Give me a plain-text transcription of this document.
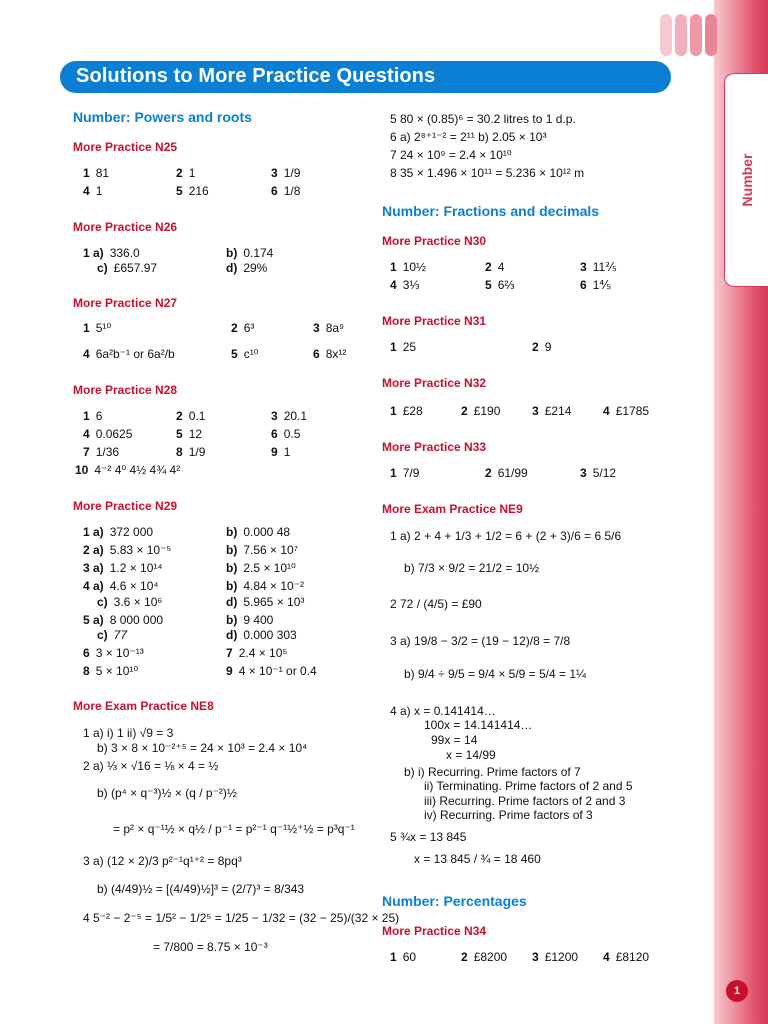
Number
1
Solutions to More Practice Questions
Number: Powers and roots
More Practice N25
1 81	2 1	3 1/9
4 1	5 216	6 1/8
More Practice N26
1 a) 336.0	b) 0.174
c) £657.97	d) 29%
More Practice N27
1 5¹⁰	2 6³	3 8a⁹
4 6a²b⁻¹ or 6a²/b	5 c¹⁰	6 8x¹²
More Practice N28
1 6	2 0.1	3 20.1
4 0.0625	5 12	6 0.5
7 1/36	8 1/9	9 1
10 4⁻² 4⁰ 4½ 4¾ 4²
More Practice N29
1 a) 372 000	b) 0.000 48
2 a) 5.83 × 10⁻⁵	b) 7.56 × 10⁷
3 a) 1.2 × 10¹⁴	b) 2.5 × 10¹⁰
4 a) 4.6 × 10⁴	b) 4.84 × 10⁻²
c) 3.6 × 10⁶	d) 5.965 × 10³
5 a) 8 000 000	b) 9 400
c) 77	d) 0.000 303
6 3 × 10⁻¹³	7 2.4 × 10⁵
8 5 × 10¹⁰	9 4 × 10⁻¹ or 0.4
More Exam Practice NE8
1 a) i) 1 ii) √9 = 3
b) 3 × 8 × 10⁻²⁺⁵ = 24 × 10³ = 2.4 × 10⁴
2 a) ⅓ × √16 = ⅛ × 4 = ½
b) (p⁴ × q⁻³)½ × (q / p⁻²)½
= p² × q⁻¹½ × q½ / p⁻¹ = p²⁻¹ q⁻¹½⁺½ = p³q⁻¹
3 a) (12 × 2)/3 p²⁻¹q¹⁺² = 8pq³
b) (4/49)½ = [(4/49)½]³ = (2/7)³ = 8/343
4 5⁻² − 2⁻⁵ = 1/5² − 1/2⁵ = 1/25 − 1/32 = (32 − 25)/(32 × 25)
= 7/800 = 8.75 × 10⁻³
5 80 × (0.85)⁶ = 30.2 litres to 1 d.p.
6 a) 2⁸⁺¹⁻² = 2¹¹ b) 2.05 × 10³
7 24 × 10⁹ = 2.4 × 10¹⁰
8 35 × 1.496 × 10¹¹ = 5.236 × 10¹² m
Number: Fractions and decimals
More Practice N30
1 10½	2 4	3 11⅖
4 3⅓	5 6⅔	6 1⅘
More Practice N31
1 25	2 9
More Practice N32
1 £28	2 £190	3 £214	4 £1785
More Practice N33
1 7/9	2 61/99	3 5/12
More Exam Practice NE9
1 a) 2 + 4 + 1/3 + 1/2 = 6 + (2 + 3)/6 = 6 5/6
b) 7/3 × 9/2 = 21/2 = 10½
2 72 / (4/5) = £90
3 a) 19/8 − 3/2 = (19 − 12)/8 = 7/8
b) 9/4 ÷ 9/5 = 9/4 × 5/9 = 5/4 = 1¼
4 a) x = 0.141414…
100x = 14.141414…
99x = 14
x = 14/99
b) i) Recurring. Prime factors of 7
ii) Terminating. Prime factors of 2 and 5
iii) Recurring. Prime factors of 2 and 3
iv) Recurring. Prime factors of 3
5 ¾x = 13 845
x = 13 845 / ¾ = 18 460
Number: Percentages
More Practice N34
1 60	2 £8200 3 £1200 4 £8120
